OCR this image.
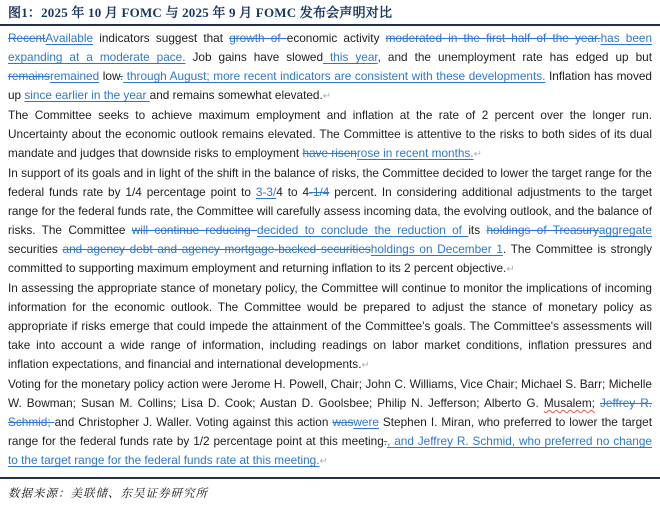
图1：2025 年 10 月 FOMC 与 2025 年 9 月 FOMC 发布会声明对比

RecentAvailable indicators suggest that growth of economic activity moderated in the first half of the year.has been expanding at a moderate pace. Job gains have slowed this year, and the unemployment rate has edged up but remainsremained low. through August; more recent indicators are consistent with these developments. Inflation has moved up since earlier in the year and remains somewhat elevated.↵

The Committee seeks to achieve maximum employment and inflation at the rate of 2 percent over the longer run. Uncertainty about the economic outlook remains elevated. The Committee is attentive to the risks to both sides of its dual mandate and judges that downside risks to employment have risenrose in recent months.↵

In support of its goals and in light of the shift in the balance of risks, the Committee decided to lower the target range for the federal funds rate by 1/4 percentage point to 3-3/4 to 4-1/4 percent. In considering additional adjustments to the target range for the federal funds rate, the Committee will carefully assess incoming data, the evolving outlook, and the balance of risks. The Committee will continue reducing decided to conclude the reduction of its holdings of Treasuryaggregate securities and agency debt and agency mortgage-backed securitiesholdings on December 1. The Committee is strongly committed to supporting maximum employment and returning inflation to its 2 percent objective.↵

In assessing the appropriate stance of monetary policy, the Committee will continue to monitor the implications of incoming information for the economic outlook. The Committee would be prepared to adjust the stance of monetary policy as appropriate if risks emerge that could impede the attainment of the Committee's goals. The Committee's assessments will take into account a wide range of information, including readings on labor market conditions, inflation pressures and inflation expectations, and financial and international developments.↵

Voting for the monetary policy action were Jerome H. Powell, Chair; John C. Williams, Vice Chair; Michael S. Barr; Michelle W. Bowman; Susan M. Collins; Lisa D. Cook; Austan D. Goolsbee; Philip N. Jefferson; Alberto G. Musalem; Jeffrey R. Schmid; and Christopher J. Waller. Voting against this action waswere Stephen I. Miran, who preferred to lower the target range for the federal funds rate by 1/2 percentage point at this meeting., and Jeffrey R. Schmid, who preferred no change to the target range for the federal funds rate at this meeting.↵

数据来源：美联储、东吴证券研究所
